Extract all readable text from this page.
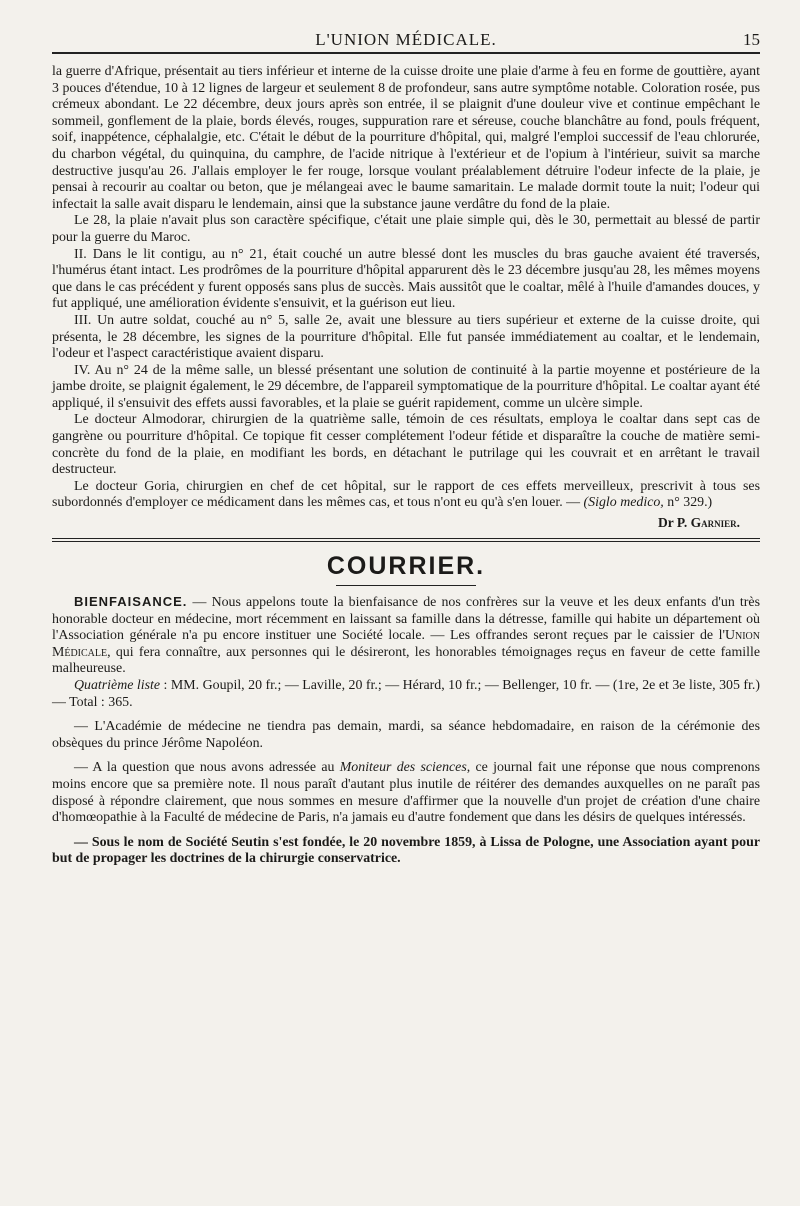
L'UNION MÉDICALE.	15

la guerre d'Afrique, présentait au tiers inférieur et interne de la cuisse droite une plaie d'arme à feu en forme de gouttière, ayant 3 pouces d'étendue, 10 à 12 lignes de largeur et seulement 8 de profondeur, sans autre symptôme notable. Coloration rosée, pus crémeux abondant. Le 22 décembre, deux jours après son entrée, il se plaignit d'une douleur vive et continue empêchant le sommeil, gonflement de la plaie, bords élevés, rouges, suppuration rare et séreuse, couche blanchâtre au fond, pouls fréquent, soif, inappétence, céphalalgie, etc. C'était le début de la pourriture d'hôpital, qui, malgré l'emploi successif de l'eau chlorurée, du charbon végétal, du quinquina, du camphre, de l'acide nitrique à l'extérieur et de l'opium à l'intérieur, suivit sa marche destructive jusqu'au 26. J'allais employer le fer rouge, lorsque voulant préalablement détruire l'odeur infecte de la plaie, je pensai à recourir au coaltar ou beton, que je mélangeai avec le baume samaritain. Le malade dormit toute la nuit; l'odeur qui infectait la salle avait disparu le lendemain, ainsi que la substance jaune verdâtre du fond de la plaie.

Le 28, la plaie n'avait plus son caractère spécifique, c'était une plaie simple qui, dès le 30, permettait au blessé de partir pour la guerre du Maroc.

II. Dans le lit contigu, au n° 21, était couché un autre blessé dont les muscles du bras gauche avaient été traversés, l'humérus étant intact. Les prodrômes de la pourriture d'hôpital apparurent dès le 23 décembre jusqu'au 28, les mêmes moyens que dans le cas précédent y furent opposés sans plus de succès. Mais aussitôt que le coaltar, mêlé à l'huile d'amandes douces, y fut appliqué, une amélioration évidente s'ensuivit, et la guérison eut lieu.

III. Un autre soldat, couché au n° 5, salle 2e, avait une blessure au tiers supérieur et externe de la cuisse droite, qui présenta, le 28 décembre, les signes de la pourriture d'hôpital. Elle fut pansée immédiatement au coaltar, et le lendemain, l'odeur et l'aspect caractéristique avaient disparu.

IV. Au n° 24 de la même salle, un blessé présentant une solution de continuité à la partie moyenne et postérieure de la jambe droite, se plaignit également, le 29 décembre, de l'appareil symptomatique de la pourriture d'hôpital. Le coaltar ayant été appliqué, il s'ensuivit des effets aussi favorables, et la plaie se guérit rapidement, comme un ulcère simple.

Le docteur Almodorar, chirurgien de la quatrième salle, témoin de ces résultats, employa le coaltar dans sept cas de gangrène ou pourriture d'hôpital. Ce topique fit cesser complétement l'odeur fétide et disparaître la couche de matière semi-concrète du fond de la plaie, en modifiant les bords, en détachant le putrilage qui les couvrait et en arrêtant le travail destructeur.

Le docteur Goria, chirurgien en chef de cet hôpital, sur le rapport de ces effets merveilleux, prescrivit à tous ses subordonnés d'employer ce médicament dans les mêmes cas, et tous n'ont eu qu'à s'en louer. — (Siglo medico, n° 329.)

Dr P. Garnier.
COURRIER.

BIENFAISANCE. — Nous appelons toute la bienfaisance de nos confrères sur la veuve et les deux enfants d'un très honorable docteur en médecine, mort récemment en laissant sa famille dans la détresse, famille qui habite un département où l'Association générale n'a pu encore instituer une Société locale. — Les offrandes seront reçues par le caissier de l'Union Médicale, qui fera connaître, aux personnes qui le désireront, les honorables témoignages reçus en faveur de cette famille malheureuse.

Quatrième liste : MM. Goupil, 20 fr.; — Laville, 20 fr.; — Hérard, 10 fr.; — Bellenger, 10 fr. — (1re, 2e et 3e liste, 305 fr.) — Total : 365.

— L'Académie de médecine ne tiendra pas demain, mardi, sa séance hebdomadaire, en raison de la cérémonie des obsèques du prince Jérôme Napoléon.

— A la question que nous avons adressée au Moniteur des sciences, ce journal fait une réponse que nous comprenons moins encore que sa première note. Il nous paraît d'autant plus inutile de réitérer des demandes auxquelles on ne paraît pas disposé à répondre clairement, que nous sommes en mesure d'affirmer que la nouvelle d'un projet de création d'une chaire d'homœopathie à la Faculté de médecine de Paris, n'a jamais eu d'autre fondement que dans les désirs de quelques intéressés.

— Sous le nom de Société Seutin s'est fondée, le 20 novembre 1859, à Lissa de Pologne, une Association ayant pour but de propager les doctrines de la chirurgie conservatrice.
